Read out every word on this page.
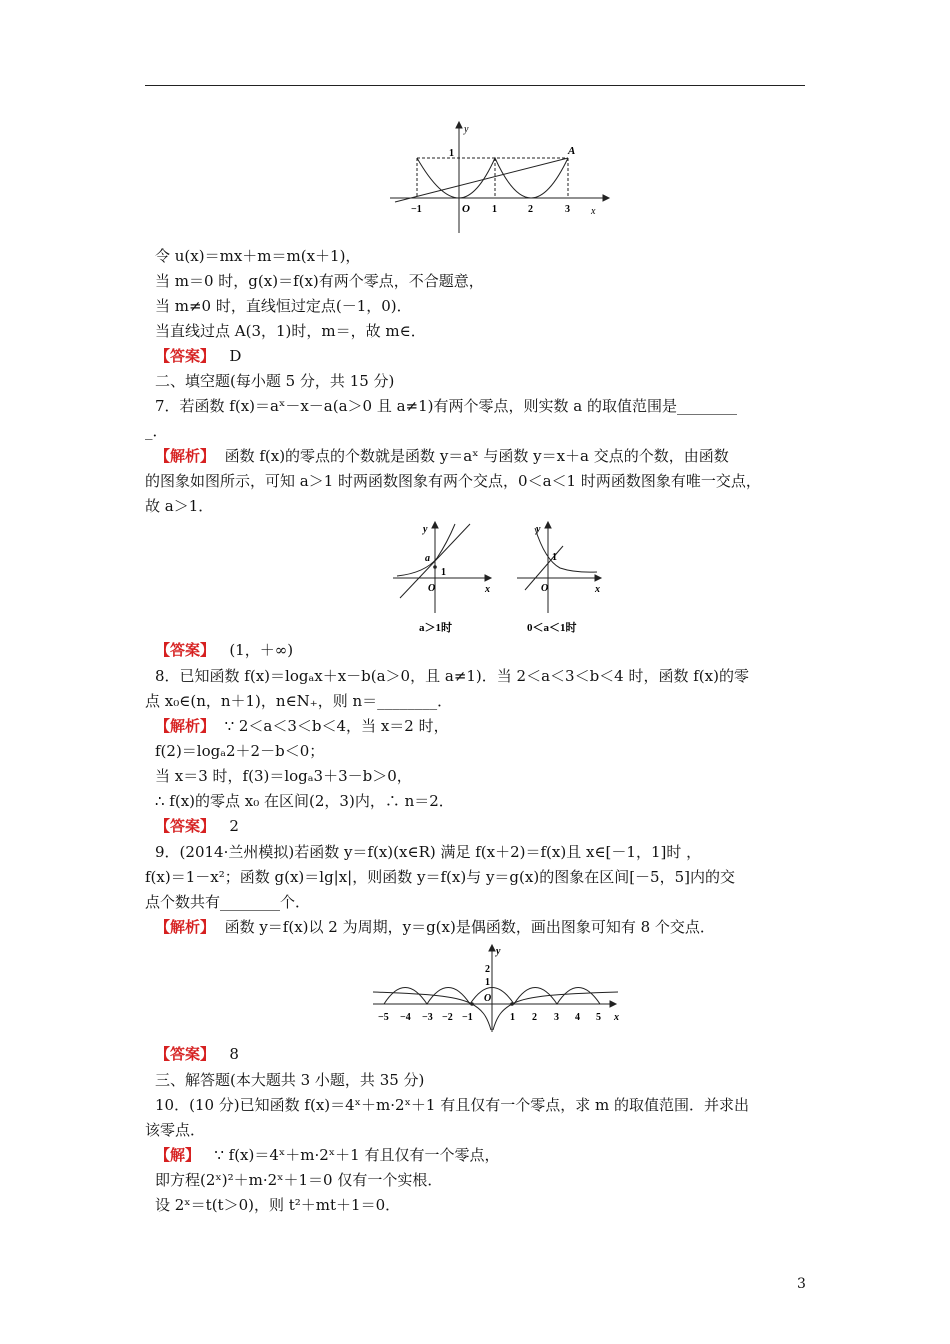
y
x
O
1	A
−1	1	2	3
令 u(x)＝mx＋m＝m(x＋1)，
当 m＝0 时，g(x)＝f(x)有两个零点，不合题意，
当 m≠0 时，直线恒过定点(－1，0)．
当直线过点 A(3，1)时，m＝，故 m∈．
【答案】 D
二、填空题(每小题 5 分，共 15 分)
7．若函数 f(x)＝aˣ－x－a(a＞0 且 a≠1)有两个零点，则实数 a 的取值范围是________
_．
【解析】 函数 f(x)的零点的个数就是函数 y＝aˣ 与函数 y＝x＋a 交点的个数，由函数
的图象如图所示，可知 a＞1 时两函数图象有两个交点，0＜a＜1 时两函数图象有唯一交点，
故 a＞1．
y
x
a
1
O
a＞1时
y
x
1
O
0＜a＜1时
【答案】 (1，＋∞)
8．已知函数 f(x)＝logₐx＋x－b(a＞0，且 a≠1)．当 2＜a＜3＜b＜4 时，函数 f(x)的零
点 x₀∈(n，n＋1)，n∈N₊，则 n＝________．
【解析】 ∵ 2＜a＜3＜b＜4，当 x＝2 时，
f(2)＝logₐ2＋2－b＜0；
当 x＝3 时，f(3)＝logₐ3＋3－b＞0，
∴ f(x)的零点 x₀ 在区间(2，3)内，∴ n＝2．
【答案】 2
9．(2014·兰州模拟)若函数 y＝f(x)(x∈R) 满足 f(x＋2)＝f(x)且 x∈[－1，1]时 ，
f(x)＝1－x²；函数 g(x)＝lg|x|，则函数 y＝f(x)与 y＝g(x)的图象在区间[－5，5]内的交
点个数共有________个．
【解析】 函数 y＝f(x)以 2 为周期，y＝g(x)是偶函数，画出图象可知有 8 个交点．
y
x
2
1
O
−5 −4 −3 −2 −1	1 2 3 4 5
【答案】 8
三、解答题(本大题共 3 小题，共 35 分)
10．(10 分)已知函数 f(x)＝4ˣ＋m·2ˣ＋1 有且仅有一个零点，求 m 的取值范围．并求出
该零点．
【解】 ∵ f(x)＝4ˣ＋m·2ˣ＋1 有且仅有一个零点，
即方程(2ˣ)²＋m·2ˣ＋1＝0 仅有一个实根．
设 2ˣ＝t(t＞0)，则 t²＋mt＋1＝0．
3
